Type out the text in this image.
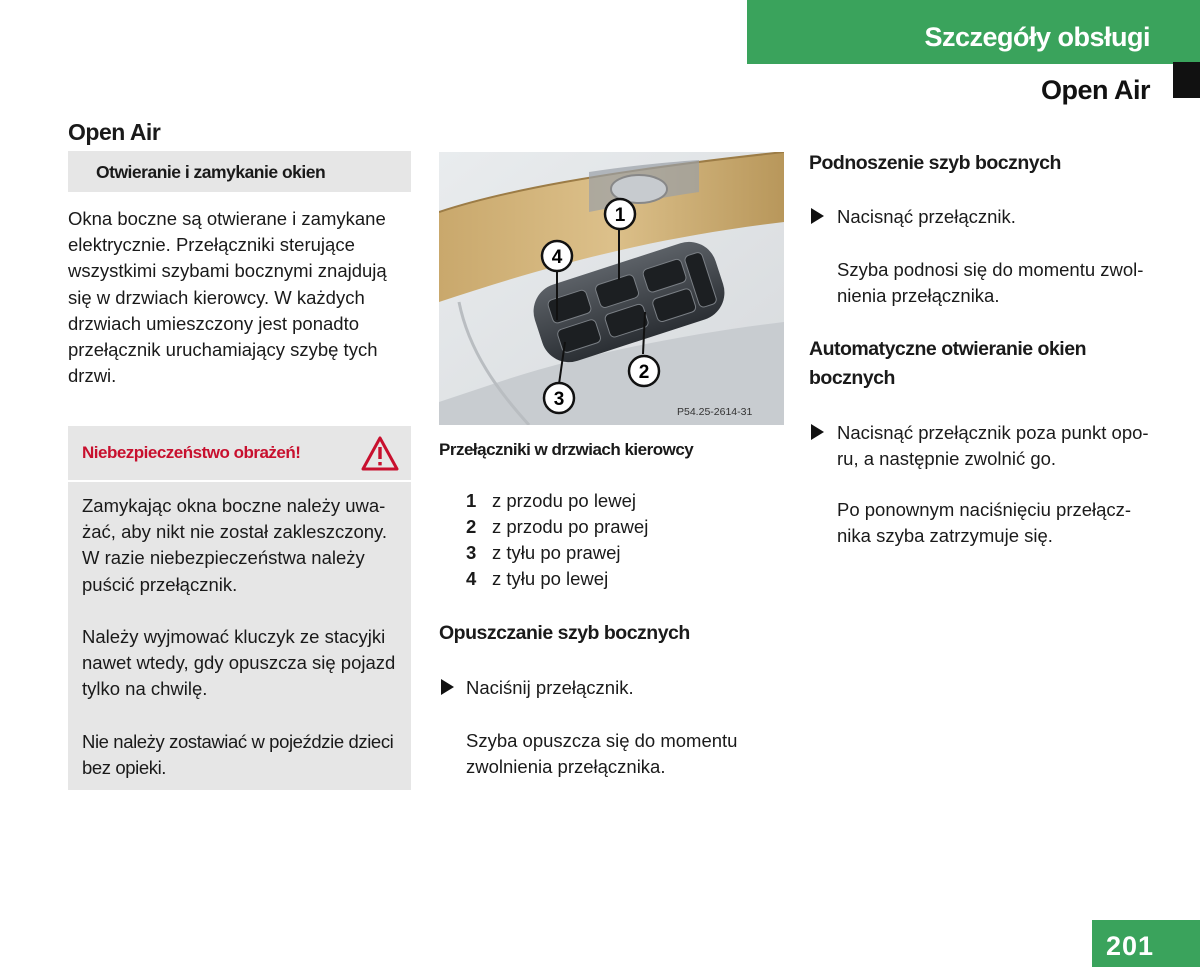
Szczegóły obsługi
Open Air
Open Air
Otwieranie i zamykanie okien
Okna boczne są otwierane i zamykane
elektrycznie. Przełączniki sterujące
wszystkimi szybami bocznymi znajdują
się w drzwiach kierowcy. W każdych
drzwiach umieszczony jest ponadto
przełącznik uruchamiający szybę tych
drzwi.
Niebezpieczeństwo obrażeń!
Zamykając okna boczne należy uwa-
żać, aby nikt nie został zakleszczony.
W razie niebezpieczeństwa należy
puścić przełącznik.
Należy wyjmować kluczyk ze stacyjki
nawet wtedy, gdy opuszcza się pojazd
tylko na chwilę.
Nie należy zostawiać w pojeździe dzieci
bez opieki.
1
2
3
4
P54.25-2614-31
Przełączniki w drzwiach kierowcy
1 z przodu po lewej
2 z przodu po prawej
3 z tyłu po prawej
4 z tyłu po lewej
Opuszczanie szyb bocznych
Naciśnij przełącznik.
Szyba opuszcza się do momentu
zwolnienia przełącznika.
Podnoszenie szyb bocznych
Nacisnąć przełącznik.
Szyba podnosi się do momentu zwol-
nienia przełącznika.
Automatyczne otwieranie okien
bocznych
Nacisnąć przełącznik poza punkt opo-
ru, a następnie zwolnić go.
Po ponownym naciśnięciu przełącz-
nika szyba zatrzymuje się.
201
